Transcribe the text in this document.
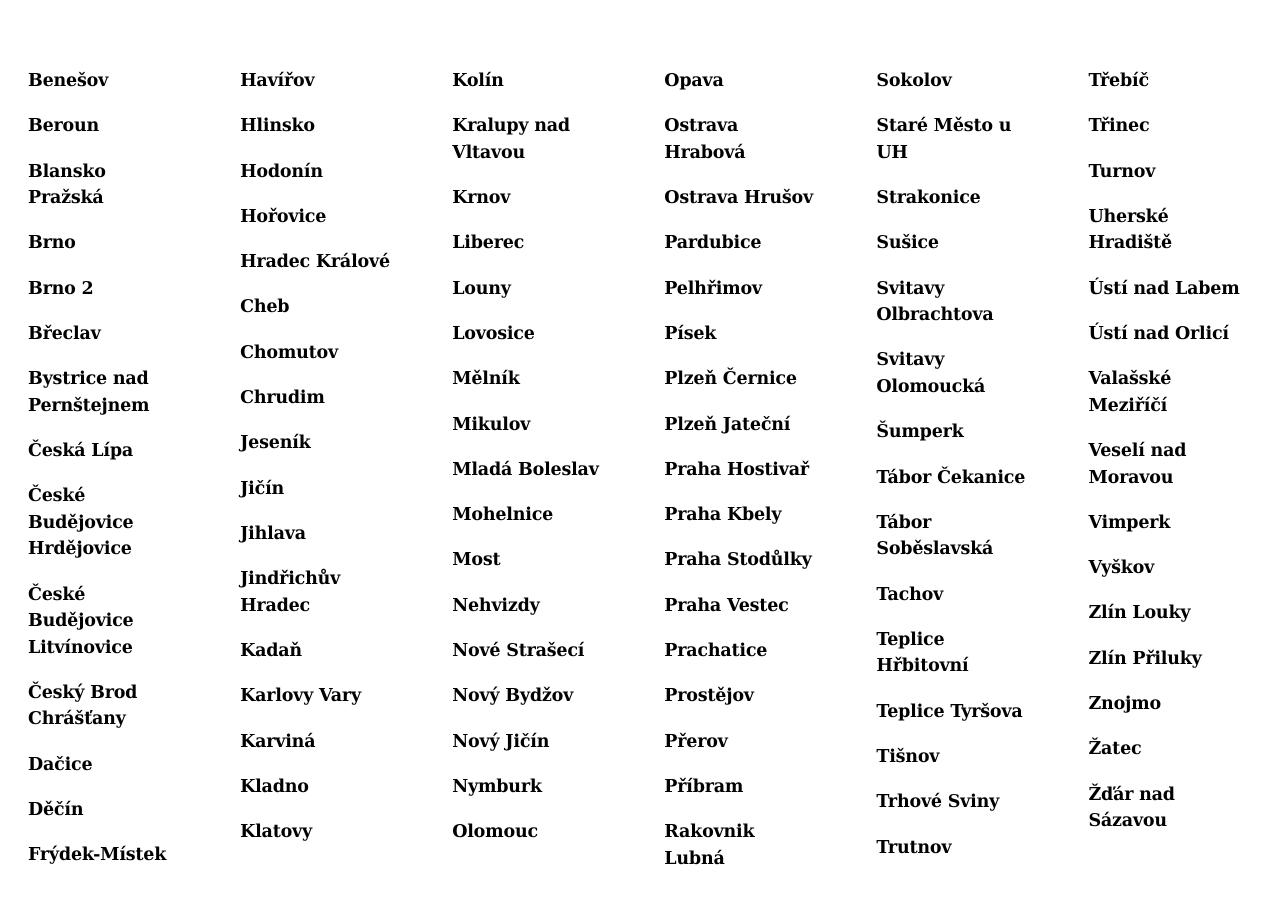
Benešov
Beroun
Blansko
Pražská
Brno
Brno 2
Břeclav
Bystrice nad
Pernštejnem
Česká Lípa
České
Budějovice
Hrdějovice
České
Budějovice
Litvínovice
Český Brod
Chrášťany
Dačice
Děčín
Frýdek-Místek
Havířov
Hlinsko
Hodonín
Hořovice
Hradec Králové
Cheb
Chomutov
Chrudim
Jeseník
Jičín
Jihlava
Jindřichův
Hradec
Kadaň
Karlovy Vary
Karviná
Kladno
Klatovy
Kolín
Kralupy nad
Vltavou
Krnov
Liberec
Louny
Lovosice
Mělník
Mikulov
Mladá Boleslav
Mohelnice
Most
Nehvizdy
Nové Strašecí
Nový Bydžov
Nový Jičín
Nymburk
Olomouc
Opava
Ostrava
Hrabová
Ostrava Hrušov
Pardubice
Pelhřimov
Písek
Plzeň Černice
Plzeň Jateční
Praha Hostivař
Praha Kbely
Praha Stodůlky
Praha Vestec
Prachatice
Prostějov
Přerov
Příbram
Rakovnik
Lubná
Sokolov
Staré Město u
UH
Strakonice
Sušice
Svitavy
Olbrachtova
Svitavy
Olomoucká
Šumperk
Tábor Čekanice
Tábor
Soběslavská
Tachov
Teplice
Hřbitovní
Teplice Tyršova
Tišnov
Trhové Sviny
Trutnov
Třebíč
Třinec
Turnov
Uherské
Hradiště
Ústí nad Labem
Ústí nad Orlicí
Valašské
Meziříčí
Veselí nad
Moravou
Vimperk
Vyškov
Zlín Louky
Zlín Přiluky
Znojmo
Žatec
Žďár nad
Sázavou
